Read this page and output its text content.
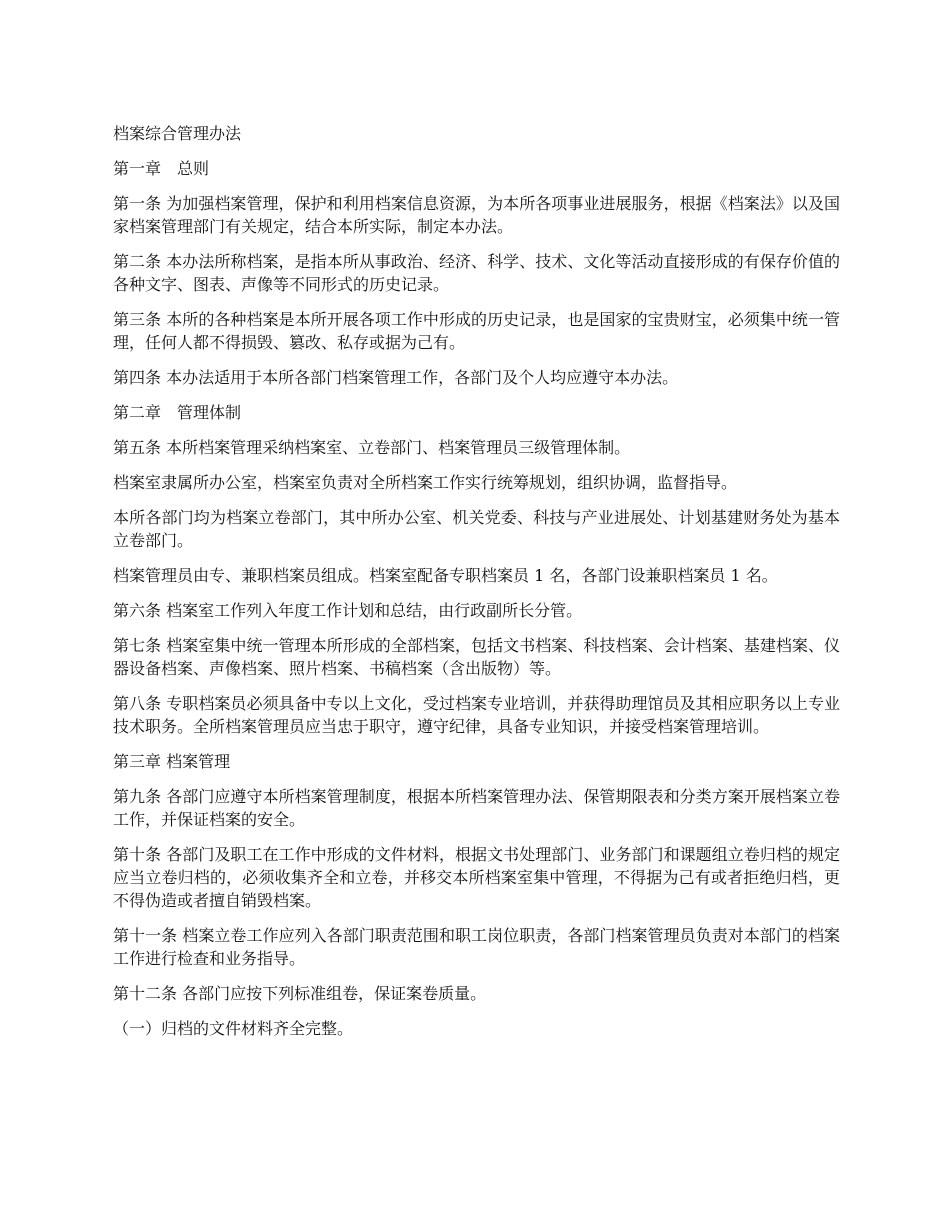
档案综合管理办法

第一章　总则

第一条 为加强档案管理，保护和利用档案信息资源，为本所各项事业进展服务，根据《档案法》以及国家档案管理部门有关规定，结合本所实际，制定本办法。

第二条 本办法所称档案，是指本所从事政治、经济、科学、技术、文化等活动直接形成的有保存价值的各种文字、图表、声像等不同形式的历史记录。

第三条 本所的各种档案是本所开展各项工作中形成的历史记录，也是国家的宝贵财宝，必须集中统一管理，任何人都不得损毁、篡改、私存或据为己有。

第四条 本办法适用于本所各部门档案管理工作，各部门及个人均应遵守本办法。

第二章　管理体制

第五条 本所档案管理采纳档案室、立卷部门、档案管理员三级管理体制。

档案室隶属所办公室，档案室负责对全所档案工作实行统筹规划，组织协调，监督指导。

本所各部门均为档案立卷部门，其中所办公室、机关党委、科技与产业进展处、计划基建财务处为基本立卷部门。

档案管理员由专、兼职档案员组成。档案室配备专职档案员 1 名，各部门设兼职档案员 1 名。

第六条 档案室工作列入年度工作计划和总结，由行政副所长分管。

第七条 档案室集中统一管理本所形成的全部档案，包括文书档案、科技档案、会计档案、基建档案、仪器设备档案、声像档案、照片档案、书稿档案（含出版物）等。

第八条 专职档案员必须具备中专以上文化，受过档案专业培训，并获得助理馆员及其相应职务以上专业技术职务。全所档案管理员应当忠于职守，遵守纪律，具备专业知识，并接受档案管理培训。

第三章 档案管理

第九条 各部门应遵守本所档案管理制度，根据本所档案管理办法、保管期限表和分类方案开展档案立卷工作，并保证档案的安全。

第十条 各部门及职工在工作中形成的文件材料，根据文书处理部门、业务部门和课题组立卷归档的规定应当立卷归档的，必须收集齐全和立卷，并移交本所档案室集中管理，不得据为己有或者拒绝归档，更不得伪造或者擅自销毁档案。

第十一条 档案立卷工作应列入各部门职责范围和职工岗位职责，各部门档案管理员负责对本部门的档案工作进行检查和业务指导。

第十二条 各部门应按下列标准组卷，保证案卷质量。

（一）归档的文件材料齐全完整。
